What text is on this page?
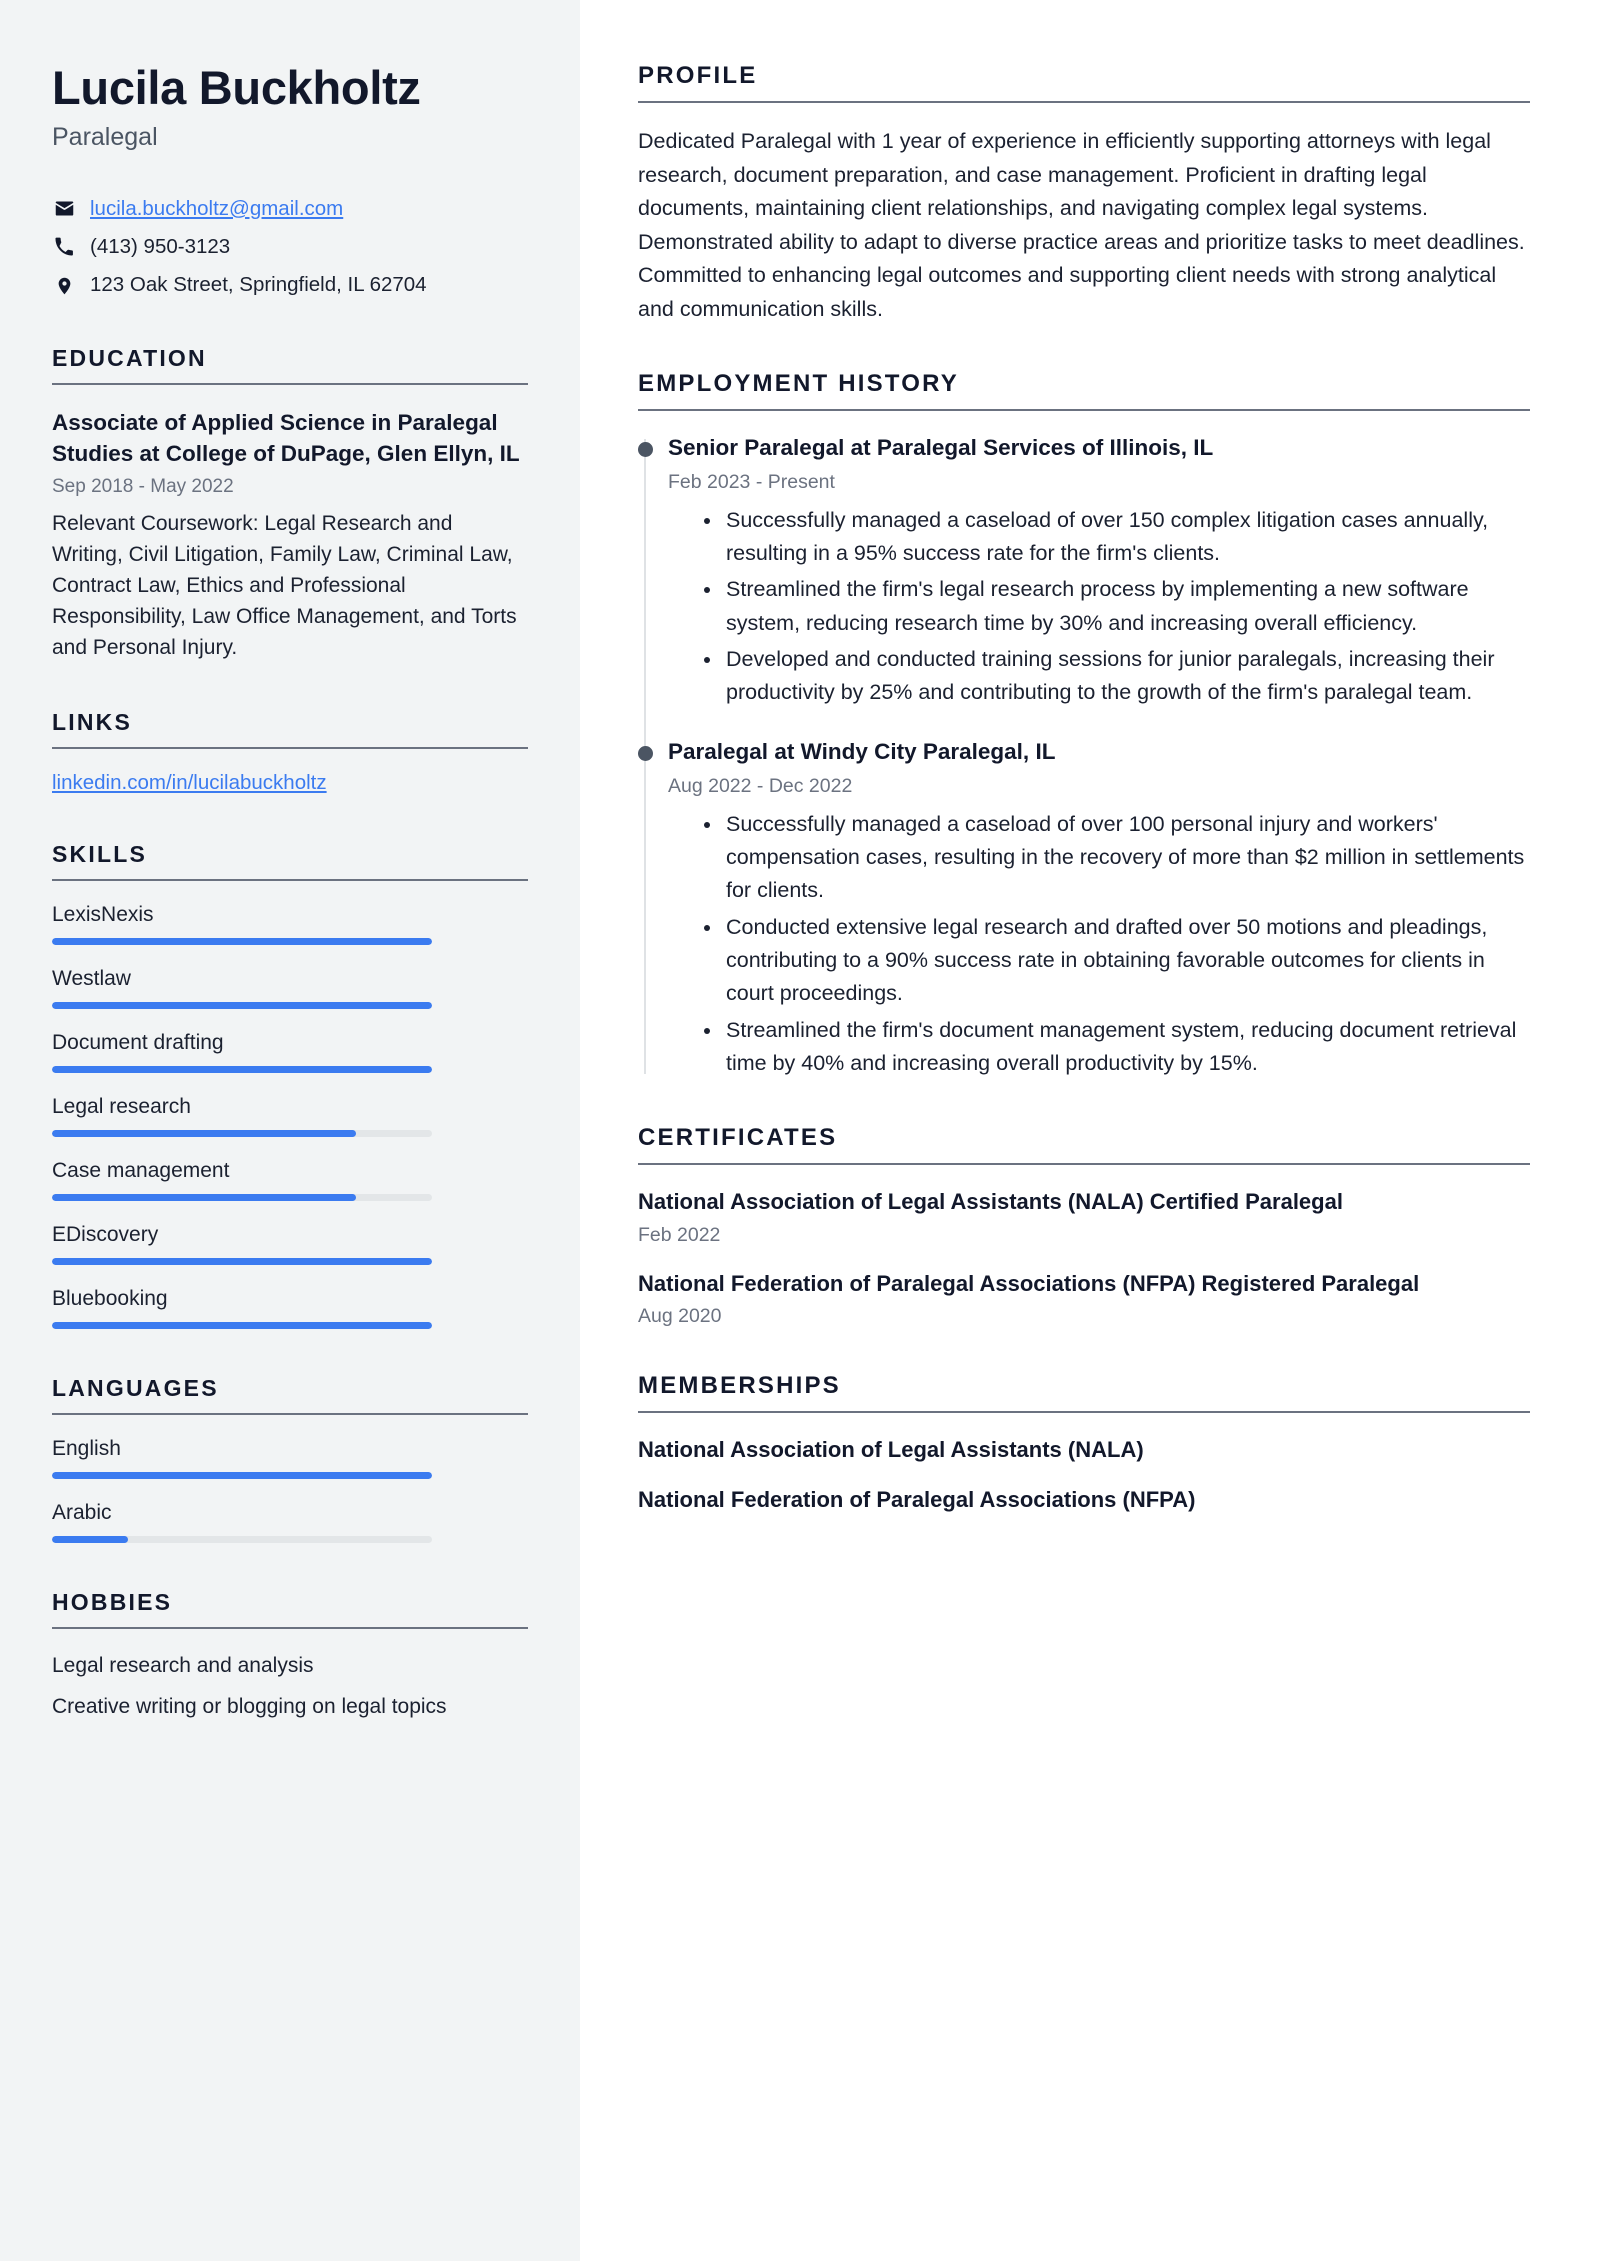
Lucila Buckholtz
Paralegal
lucila.buckholtz@gmail.com
(413) 950-3123
123 Oak Street, Springfield, IL 62704
EDUCATION
Associate of Applied Science in Paralegal Studies at College of DuPage, Glen Ellyn, IL
Sep 2018 - May 2022
Relevant Coursework: Legal Research and Writing, Civil Litigation, Family Law, Criminal Law, Contract Law, Ethics and Professional Responsibility, Law Office Management, and Torts and Personal Injury.
LINKS
linkedin.com/in/lucilabuckholtz
SKILLS
LexisNexis
Westlaw
Document drafting
Legal research
Case management
EDiscovery
Bluebooking
LANGUAGES
English
Arabic
HOBBIES
Legal research and analysis
Creative writing or blogging on legal topics
PROFILE

Dedicated Paralegal with 1 year of experience in efficiently supporting attorneys with legal research, document preparation, and case management. Proficient in drafting legal documents, maintaining client relationships, and navigating complex legal systems. Demonstrated ability to adapt to diverse practice areas and prioritize tasks to meet deadlines. Committed to enhancing legal outcomes and supporting client needs with strong analytical and communication skills.

EMPLOYMENT HISTORY
Senior Paralegal at Paralegal Services of Illinois, IL
Feb 2023 - Present
Successfully managed a caseload of over 150 complex litigation cases annually, resulting in a 95% success rate for the firm's clients.
Streamlined the firm's legal research process by implementing a new software system, reducing research time by 30% and increasing overall efficiency.
Developed and conducted training sessions for junior paralegals, increasing their productivity by 25% and contributing to the growth of the firm's paralegal team.
Paralegal at Windy City Paralegal, IL
Aug 2022 - Dec 2022
Successfully managed a caseload of over 100 personal injury and workers' compensation cases, resulting in the recovery of more than $2 million in settlements for clients.
Conducted extensive legal research and drafted over 50 motions and pleadings, contributing to a 90% success rate in obtaining favorable outcomes for clients in court proceedings.
Streamlined the firm's document management system, reducing document retrieval time by 40% and increasing overall productivity by 15%.
CERTIFICATES
National Association of Legal Assistants (NALA) Certified Paralegal
Feb 2022
National Federation of Paralegal Associations (NFPA) Registered Paralegal
Aug 2020
MEMBERSHIPS
National Association of Legal Assistants (NALA)
National Federation of Paralegal Associations (NFPA)
